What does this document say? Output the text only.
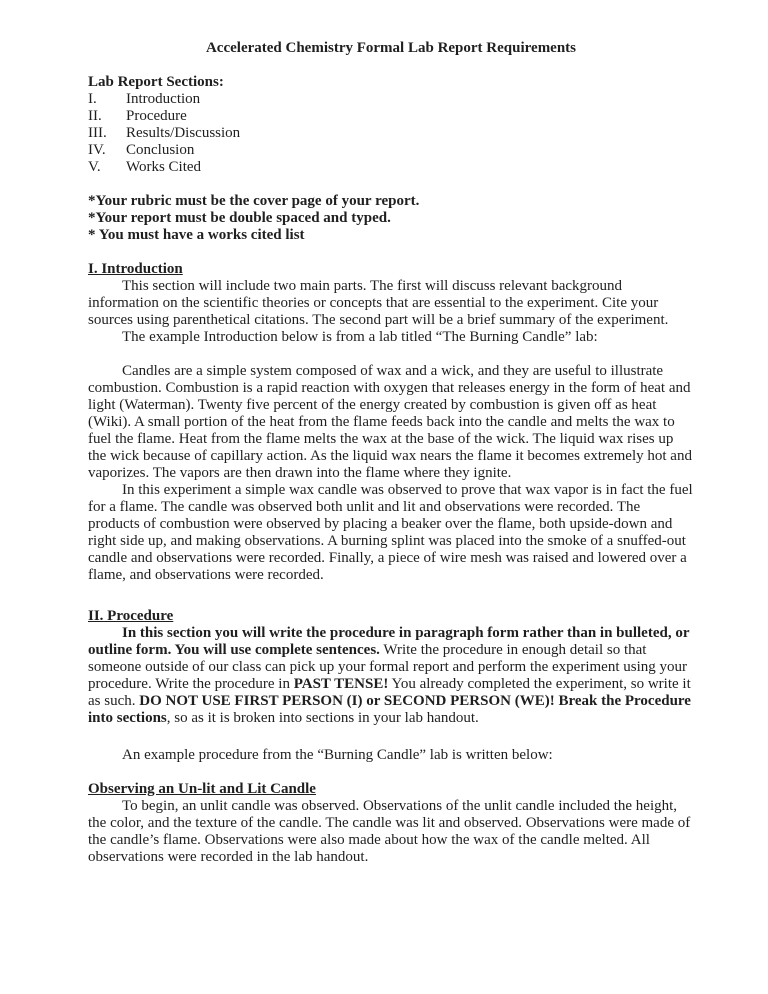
Accelerated Chemistry Formal Lab Report Requirements
Lab Report Sections:
I.	Introduction
II.	Procedure
III.	Results/Discussion
IV.	Conclusion
V.	Works Cited
*Your rubric must be the cover page of your report.
*Your report must be double spaced and typed.
* You must have a works cited list
I. Introduction

This section will include two main parts. The first will discuss relevant background information on the scientific theories or concepts that are essential to the experiment. Cite your sources using parenthetical citations. The second part will be a brief summary of the experiment.

The example Introduction below is from a lab titled “The Burning Candle” lab:

Candles are a simple system composed of wax and a wick, and they are useful to illustrate combustion. Combustion is a rapid reaction with oxygen that releases energy in the form of heat and light (Waterman). Twenty five percent of the energy created by combustion is given off as heat (Wiki). A small portion of the heat from the flame feeds back into the candle and melts the wax to fuel the flame. Heat from the flame melts the wax at the base of the wick. The liquid wax rises up the wick because of capillary action. As the liquid wax nears the flame it becomes extremely hot and vaporizes. The vapors are then drawn into the flame where they ignite.

In this experiment a simple wax candle was observed to prove that wax vapor is in fact the fuel for a flame. The candle was observed both unlit and lit and observations were recorded. The products of combustion were observed by placing a beaker over the flame, both upside-down and right side up, and making observations. A burning splint was placed into the smoke of a snuffed-out candle and observations were recorded. Finally, a piece of wire mesh was raised and lowered over a flame, and observations were recorded.

II. Procedure

In this section you will write the procedure in paragraph form rather than in bulleted, or outline form. You will use complete sentences. Write the procedure in enough detail so that someone outside of our class can pick up your formal report and perform the experiment using your procedure. Write the procedure in PAST TENSE! You already completed the experiment, so write it as such. DO NOT USE FIRST PERSON (I) or SECOND PERSON (WE)! Break the Procedure into sections, so as it is broken into sections in your lab handout.

An example procedure from the “Burning Candle” lab is written below:

Observing an Un-lit and Lit Candle

To begin, an unlit candle was observed. Observations of the unlit candle included the height, the color, and the texture of the candle. The candle was lit and observed. Observations were made of the candle’s flame. Observations were also made about how the wax of the candle melted. All observations were recorded in the lab handout.
